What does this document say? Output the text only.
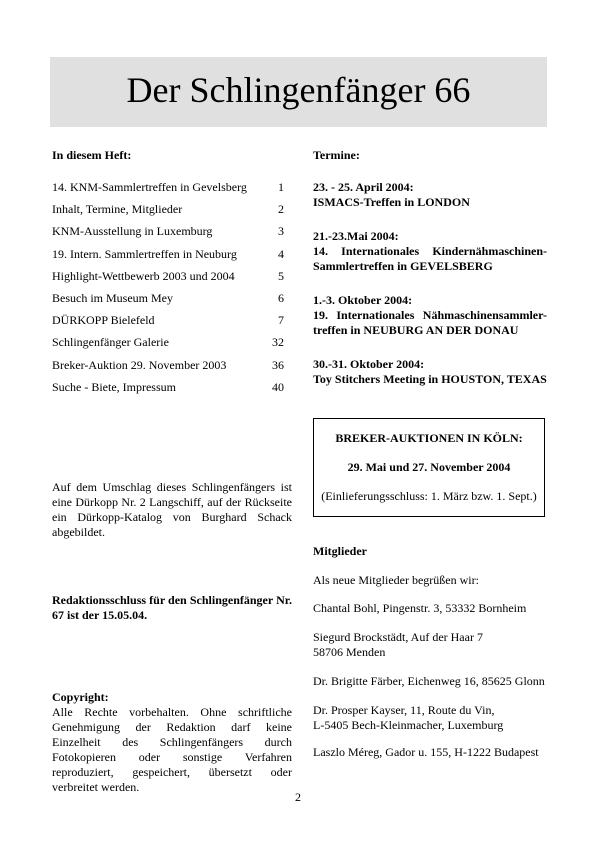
Der Schlingenfänger 66
In diesem Heft:
14. KNM-Sammlertreffen in Gevelsberg	1
Inhalt, Termine, Mitglieder	2
KNM-Ausstellung in Luxemburg	3
19. Intern. Sammlertreffen in Neuburg	4
Highlight-Wettbewerb 2003 und 2004	5
Besuch im Museum Mey	6
DÜRKOPP Bielefeld	7
Schlingenfänger Galerie	32
Breker-Auktion 29. November 2003	36
Suche - Biete, Impressum	40
Auf dem Umschlag dieses Schlingenfängers ist eine Dürkopp Nr. 2 Langschiff, auf der Rückseite ein Dürkopp-Katalog von Burghard Schack abgebildet.
Redaktionsschluss für den Schlingenfänger Nr. 67 ist der 15.05.04.
Copyright:
Alle Rechte vorbehalten. Ohne schriftliche Genehmigung der Redaktion darf keine Einzelheit des Schlingenfängers durch Fotokopieren oder sonstige Verfahren reproduziert, gespeichert, übersetzt oder verbreitet werden.
Termine:
23. - 25. April 2004:
ISMACS-Treffen in LONDON
21.-23.Mai 2004:
14. Internationales Kindernähmaschinen-Sammlertreffen in GEVELSBERG
1.-3. Oktober 2004:
19. Internationales Nähmaschinensammler-treffen in NEUBURG AN DER DONAU
30.-31. Oktober 2004:
Toy Stitchers Meeting in HOUSTON, TEXAS
BREKER-AUKTIONEN IN KÖLN:
29. Mai und 27. November 2004
(Einlieferungsschluss: 1. März bzw. 1. Sept.)
Mitglieder
Als neue Mitglieder begrüßen wir:
Chantal Bohl, Pingenstr. 3, 53332 Bornheim
Siegurd Brockstädt, Auf der Haar 7
58706 Menden
Dr. Brigitte Färber, Eichenweg 16, 85625 Glonn
Dr. Prosper Kayser, 11, Route du Vin,
L-5405 Bech-Kleinmacher, Luxemburg
Laszlo Méreg, Gador u. 155, H-1222 Budapest
2
